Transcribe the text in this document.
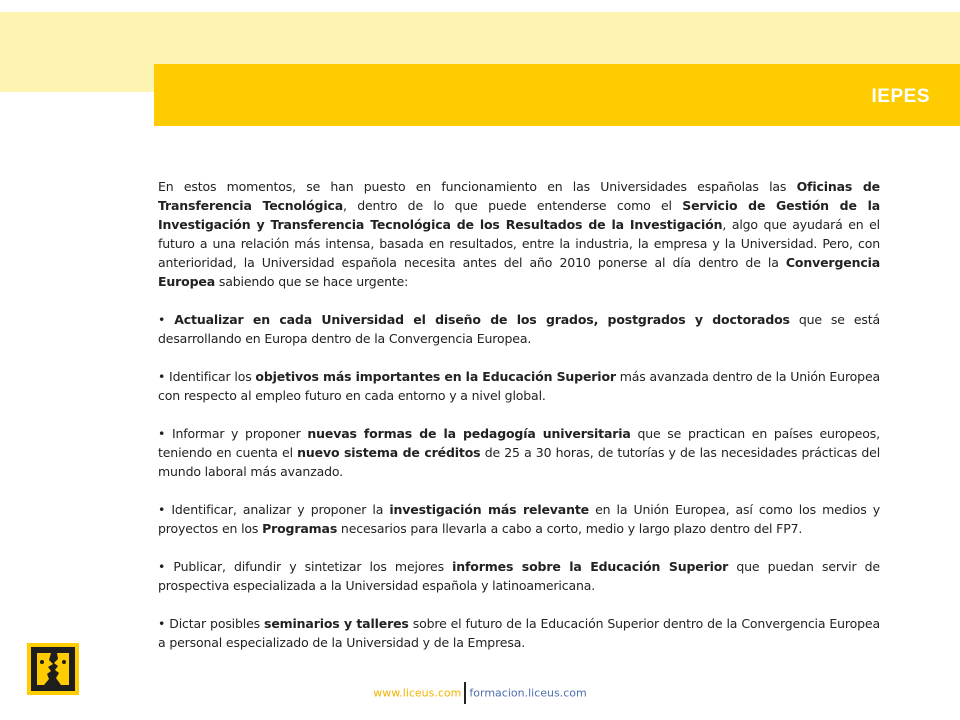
IEPES

En estos momentos, se han puesto en funcionamiento en las Universidades españolas las Oficinas de Transferencia Tecnológica, dentro de lo que puede entenderse como el Servicio de Gestión de la Investigación y Transferencia Tecnológica de los Resultados de la Investigación, algo que ayudará en el futuro a una relación más intensa, basada en resultados, entre la industria, la empresa y la Universidad. Pero, con anterioridad, la Universidad española necesita antes del año 2010 ponerse al día dentro de la Convergencia Europea sabiendo que se hace urgente:

• Actualizar en cada Universidad el diseño de los grados, postgrados y doctorados que se está desarrollando en Europa dentro de la Convergencia Europea.

• Identificar los objetivos más importantes en la Educación Superior más avanzada dentro de la Unión Europea con respecto al empleo futuro en cada entorno y a nivel global.

• Informar y proponer nuevas formas de la pedagogía universitaria que se practican en países europeos, teniendo en cuenta el nuevo sistema de créditos de 25 a 30 horas, de tutorías y de las necesidades prácticas del mundo laboral más avanzado.

• Identificar, analizar y proponer la investigación más relevante en la Unión Europea, así como los medios y proyectos en los Programas necesarios para llevarla a cabo a corto, medio y largo plazo dentro del FP7.

• Publicar, difundir y sintetizar los mejores informes sobre la Educación Superior que puedan servir de prospectiva especializada a la Universidad española y latinoamericana.

• Dictar posibles seminarios y talleres sobre el futuro de la Educación Superior dentro de la Convergencia Europea a personal especializado de la Universidad y de la Empresa.

www.liceus.com formacion.liceus.com
